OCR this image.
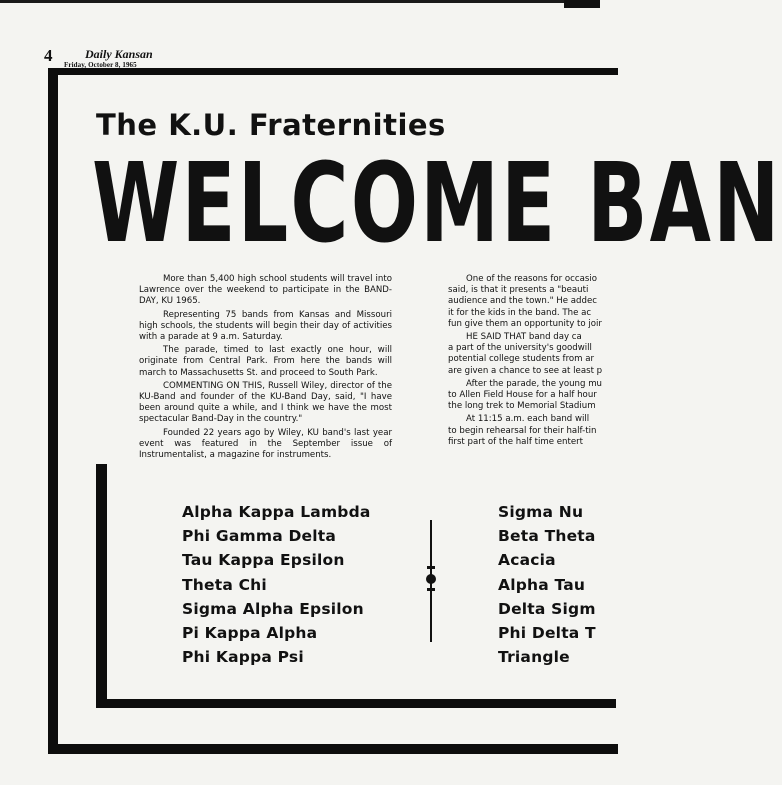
4	Daily Kansan
Friday, October 8, 1965
The K.U. Fraternities
WELCOME BAN

More than 5,400 high school students will travel into Lawrence over the weekend to participate in the BAND-DAY, KU 1965.

Representing 75 bands from Kansas and Missouri high schools, the students will begin their day of activities with a parade at 9 a.m. Saturday.

The parade, timed to last exactly one hour, will originate from Central Park. From here the bands will march to Massachusetts St. and proceed to South Park.

COMMENTING ON THIS, Russell Wiley, director of the KU-Band and founder of the KU-Band Day, said, "I have been around quite a while, and I think we have the most spectacular Band-Day in the country."

Founded 22 years ago by Wiley, KU band's last year event was featured in the September issue of Instrumentalist, a magazine for instruments.

One of the reasons for occasio
said, is that it presents a "beauti
audience and the town." He addec
it for the kids in the band. The ac
fun give them an opportunity to joir
HE SAID THAT band day ca
a part of the university's goodwill
potential college students from ar
are given a chance to see at least p
After the parade, the young mu
to Allen Field House for a half hour
the long trek to Memorial Stadium
At 11:15 a.m. each band will
to begin rehearsal for their half-tin
first part of the half time entert
Alpha Kappa Lambda
Phi Gamma Delta
Tau Kappa Epsilon
Theta Chi
Sigma Alpha Epsilon
Pi Kappa Alpha
Phi Kappa Psi
Sigma Nu
Beta Theta
Acacia
Alpha Tau
Delta Sigm
Phi Delta T
Triangle
